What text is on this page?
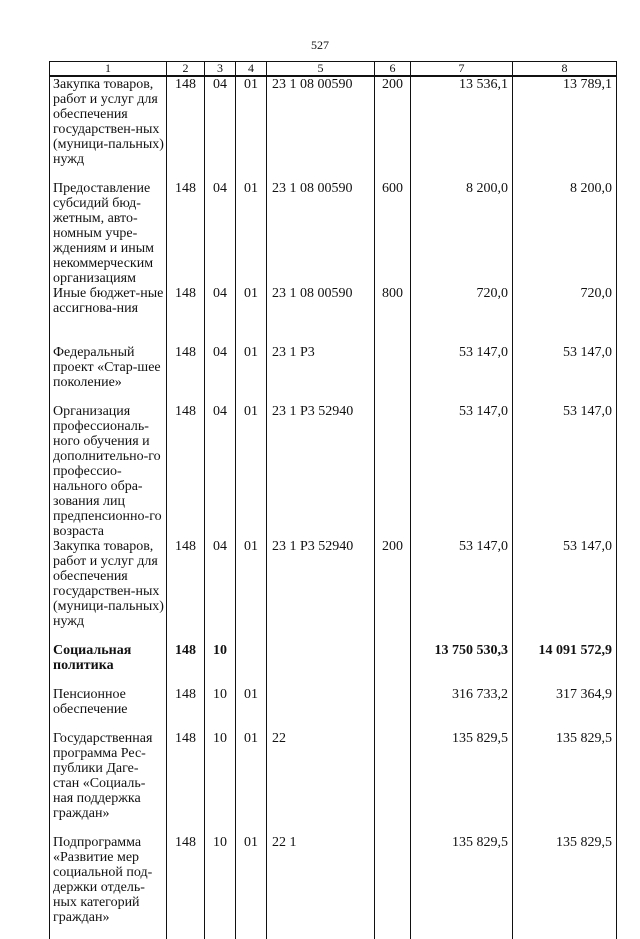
527
1	2	3	4	5	6	7	8
Закупка товаров, работ и услуг для обеспечения государствен-ных (муници-пальных) нужд	148	04	01	23 1 08 00590	200	13 536,1	13 789,1
Предоставление субсидий бюд-жетным, авто-номным учре-ждениям и иным некоммерческим организациям	148	04	01	23 1 08 00590	600	8 200,0	8 200,0
Иные бюджет-ные ассигнова-ния	148	04	01	23 1 08 00590	800	720,0	720,0
Федеральный проект «Стар-шее поколение»	148	04	01	23 1 Р3		53 147,0	53 147,0
Организация профессиональ-ного обучения и дополнительно-го профессио-нального обра-зования лиц предпенсионно-го возраста	148	04	01	23 1 Р3 52940		53 147,0	53 147,0
Закупка товаров, работ и услуг для обеспечения государствен-ных (муници-пальных) нужд	148	04	01	23 1 Р3 52940	200	53 147,0	53 147,0
Социальная политика	148	10				13 750 530,3	14 091 572,9
Пенсионное обеспечение	148	10	01			316 733,2	317 364,9
Государственная программа Рес-публики Даге-стан «Социаль-ная поддержка граждан»	148	10	01	22		135 829,5	135 829,5
Подпрограмма «Развитие мер социальной под-держки отдель-ных категорий граждан»	148	10	01	22 1		135 829,5	135 829,5
